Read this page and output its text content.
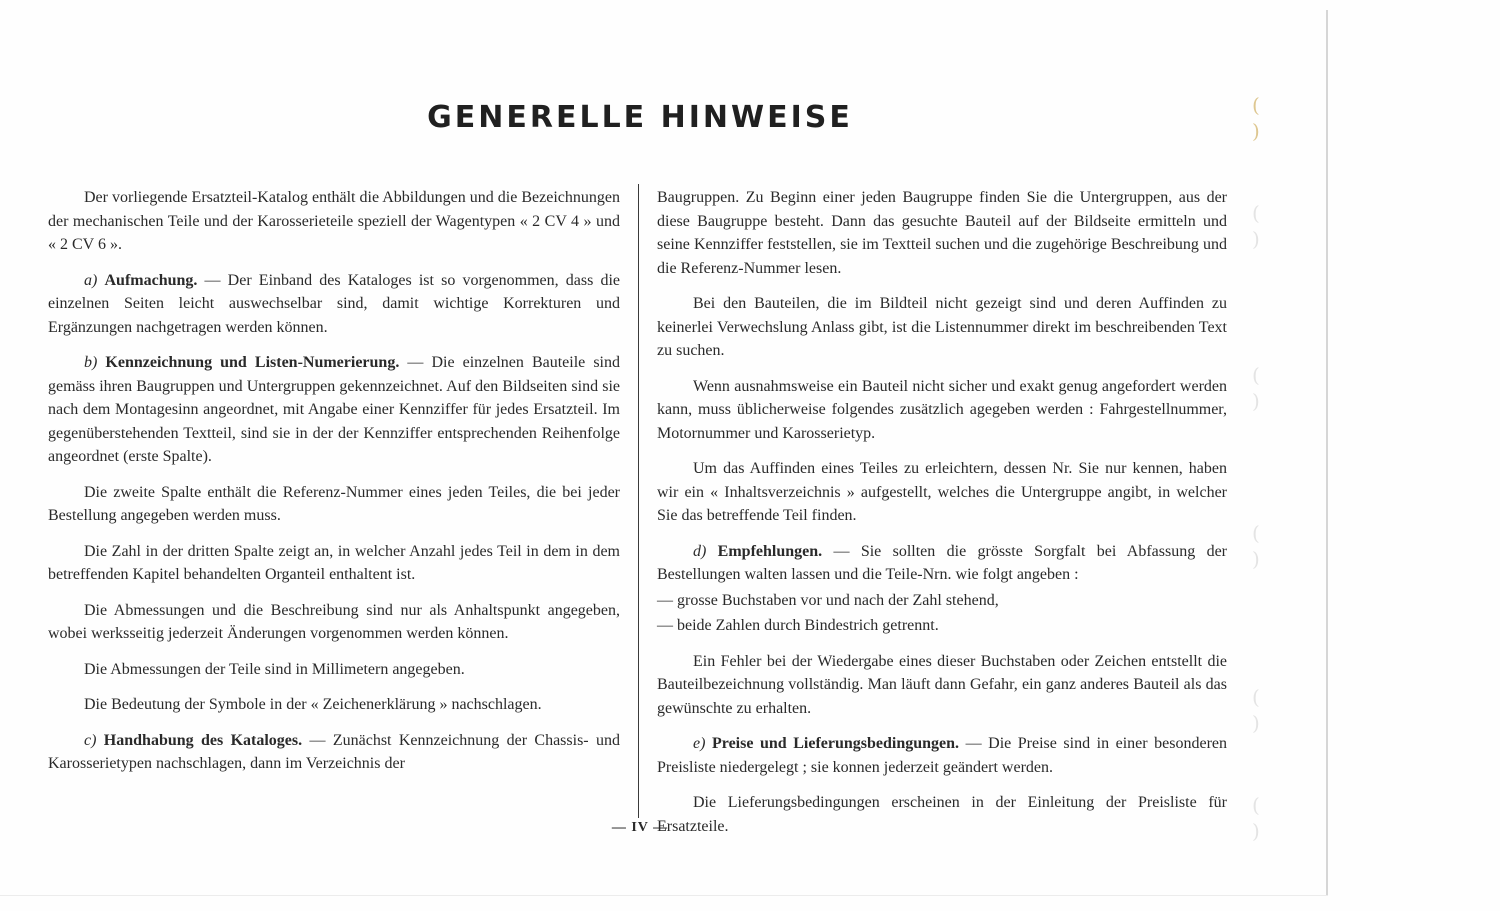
( )
( )
( )
( )
( )
( )
GENERELLE HINWEISE

Der vorliegende Ersatzteil-Katalog enthält die Abbildungen und die Bezeichnungen der mechanischen Teile und der Karosserieteile speziell der Wagentypen « 2 CV 4 » und « 2 CV 6 ».

a) Aufmachung. — Der Einband des Kataloges ist so vorgenommen, dass die einzelnen Seiten leicht auswechselbar sind, damit wichtige Korrekturen und Ergänzungen nachgetragen werden können.

b) Kennzeichnung und Listen-Numerierung. — Die einzelnen Bauteile sind gemäss ihren Baugruppen und Untergruppen gekennzeichnet. Auf den Bildseiten sind sie nach dem Montagesinn angeordnet, mit Angabe einer Kennziffer für jedes Ersatzteil. Im gegenüberstehenden Textteil, sind sie in der der Kennziffer entsprechenden Reihenfolge angeordnet (erste Spalte).

Die zweite Spalte enthält die Referenz-Nummer eines jeden Teiles, die bei jeder Bestellung angegeben werden muss.

Die Zahl in der dritten Spalte zeigt an, in welcher Anzahl jedes Teil in dem in dem betreffenden Kapitel behandelten Organteil enthaltent ist.

Die Abmessungen und die Beschreibung sind nur als Anhaltspunkt angegeben, wobei werksseitig jederzeit Änderungen vorgenommen werden können.

Die Abmessungen der Teile sind in Millimetern angegeben.

Die Bedeutung der Symbole in der « Zeichenerklärung » nachschlagen.

c) Handhabung des Kataloges. — Zunächst Kennzeichnung der Chassis- und Karosserietypen nachschlagen, dann im Verzeichnis der

Baugruppen. Zu Beginn einer jeden Baugruppe finden Sie die Untergruppen, aus der diese Baugruppe besteht. Dann das gesuchte Bauteil auf der Bildseite ermitteln und seine Kennziffer feststellen, sie im Textteil suchen und die zugehörige Beschreibung und die Referenz-Nummer lesen.

Bei den Bauteilen, die im Bildteil nicht gezeigt sind und deren Auffinden zu keinerlei Verwechslung Anlass gibt, ist die Listennummer direkt im beschreibenden Text zu suchen.

Wenn ausnahmsweise ein Bauteil nicht sicher und exakt genug angefordert werden kann, muss üblicherweise folgendes zusätzlich agegeben werden : Fahrgestellnummer, Motornummer und Karosserietyp.

Um das Auffinden eines Teiles zu erleichtern, dessen Nr. Sie nur kennen, haben wir ein « Inhaltsverzeichnis » aufgestellt, welches die Untergruppe angibt, in welcher Sie das betreffende Teil finden.

d) Empfehlungen. — Sie sollten die grösste Sorgfalt bei Abfassung der Bestellungen walten lassen und die Teile-Nrn. wie folgt angeben :

— grosse Buchstaben vor und nach der Zahl stehend,

— beide Zahlen durch Bindestrich getrennt.

Ein Fehler bei der Wiedergabe eines dieser Buchstaben oder Zeichen entstellt die Bauteilbezeichnung vollständig. Man läuft dann Gefahr, ein ganz anderes Bauteil als das gewünschte zu erhalten.

e) Preise und Lieferungsbedingungen. — Die Preise sind in einer besonderen Preisliste niedergelegt ; sie konnen jederzeit geändert werden.

Die Lieferungsbedingungen erscheinen in der Einleitung der Preisliste für Ersatzteile.

— IV —
